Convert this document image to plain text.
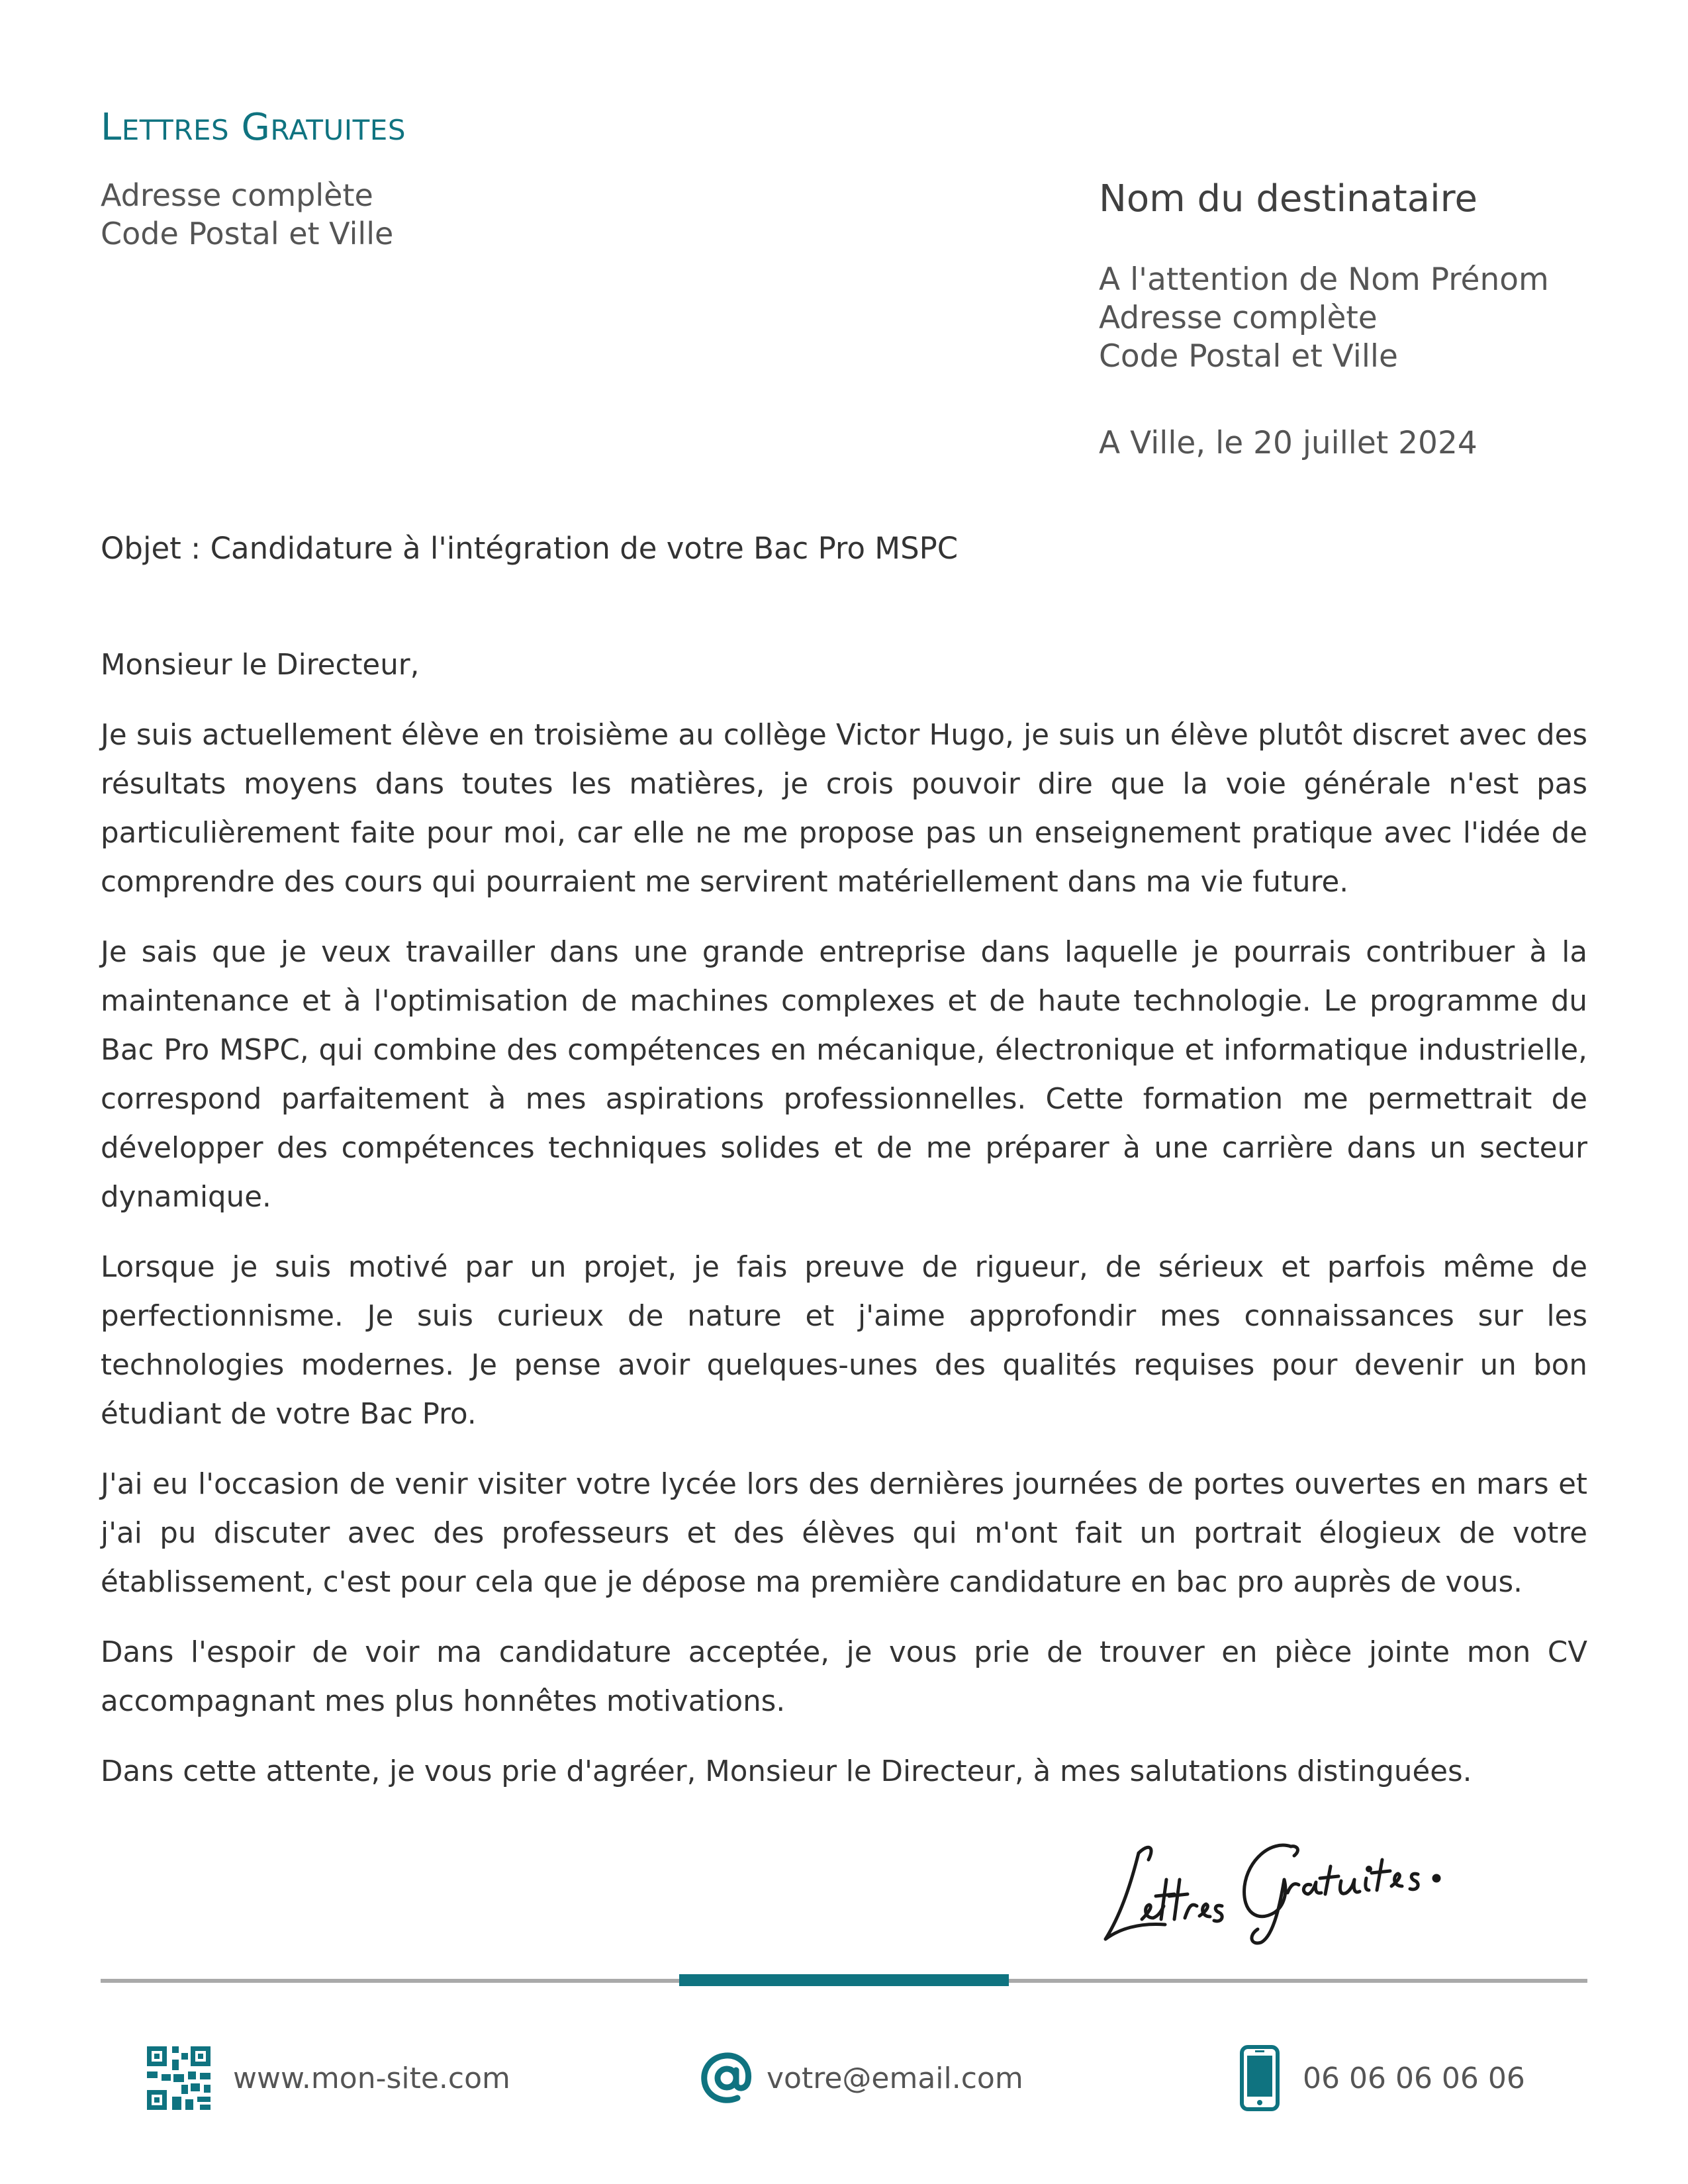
LETTRES GRATUITES
Adresse complète
Code Postal et Ville
Nom du destinataire
A l'attention de Nom Prénom
Adresse complète
Code Postal et Ville
A Ville, le 20 juillet 2024
Objet : Candidature à l'intégration de votre Bac Pro MSPC

Monsieur le Directeur,

Je suis actuellement élève en troisième au collège Victor Hugo, je suis un élève plutôt discret avec des résultats moyens dans toutes les matières, je crois pouvoir dire que la voie générale n'est pas particulièrement faite pour moi, car elle ne me propose pas un enseignement pratique avec l'idée de comprendre des cours qui pourraient me servirent matériellement dans ma vie future.

Je sais que je veux travailler dans une grande entreprise dans laquelle je pourrais contribuer à la maintenance et à l'optimisation de machines complexes et de haute technologie. Le programme du Bac Pro MSPC, qui combine des compétences en mécanique, électronique et informatique industrielle, correspond parfaitement à mes aspirations professionnelles. Cette formation me permettrait de développer des compétences techniques solides et de me préparer à une carrière dans un secteur dynamique.

Lorsque je suis motivé par un projet, je fais preuve de rigueur, de sérieux et parfois même de perfectionnisme. Je suis curieux de nature et j'aime approfondir mes connaissances sur les technologies modernes. Je pense avoir quelques-unes des qualités requises pour devenir un bon étudiant de votre Bac Pro.

J'ai eu l'occasion de venir visiter votre lycée lors des dernières journées de portes ouvertes en mars et j'ai pu discuter avec des professeurs et des élèves qui m'ont fait un portrait élogieux de votre établissement, c'est pour cela que je dépose ma première candidature en bac pro auprès de vous.

Dans l'espoir de voir ma candidature acceptée, je vous prie de trouver en pièce jointe mon CV accompagnant mes plus honnêtes motivations.

Dans cette attente, je vous prie d'agréer, Monsieur le Directeur, à mes salutations distinguées.

www.mon-site.com	votre@email.com	06 06 06 06 06
